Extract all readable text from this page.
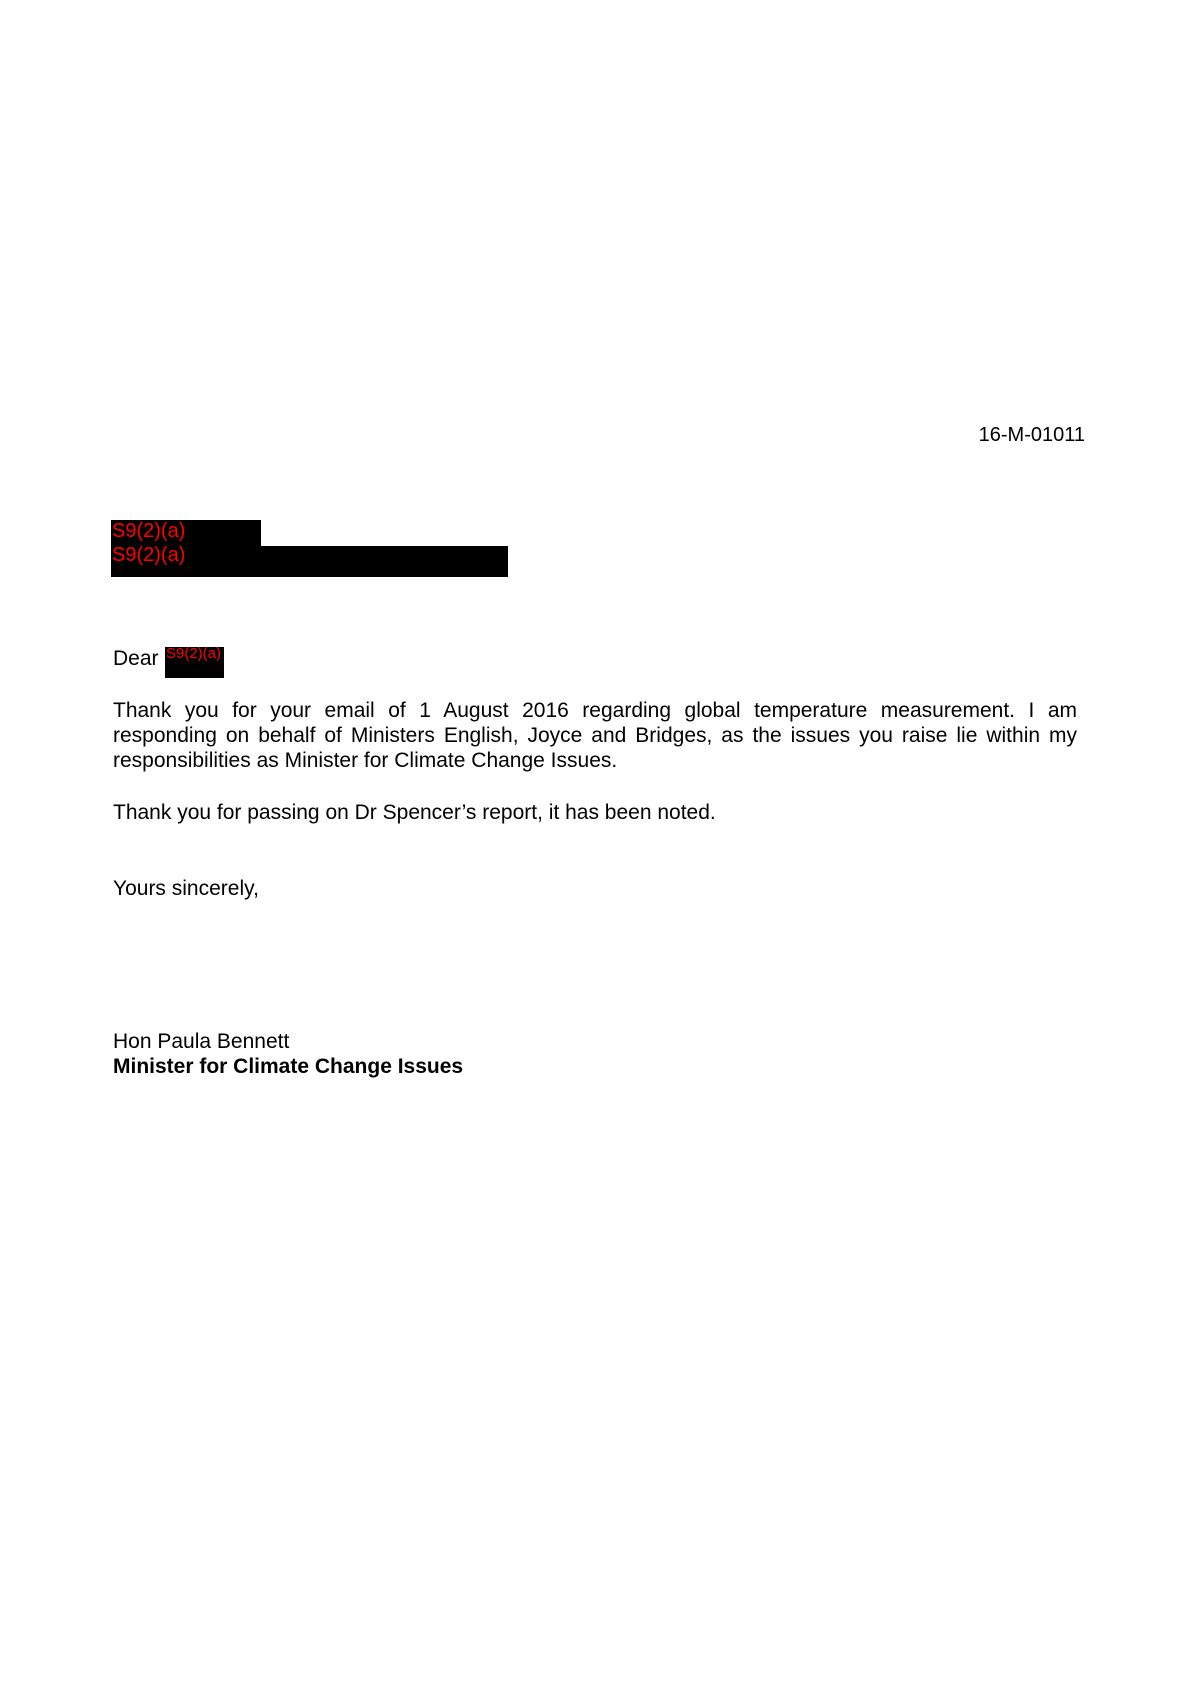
16-M-01011
S9(2)(a)
S9(2)(a)
Dear S9(2)(a)
Thank you for your email of 1 August 2016 regarding global temperature measurement. I am responding on behalf of Ministers English, Joyce and Bridges, as the issues you raise lie within my responsibilities as Minister for Climate Change Issues.
Thank you for passing on Dr Spencer’s report, it has been noted.
Yours sincerely,
Hon Paula Bennett
Minister for Climate Change Issues
